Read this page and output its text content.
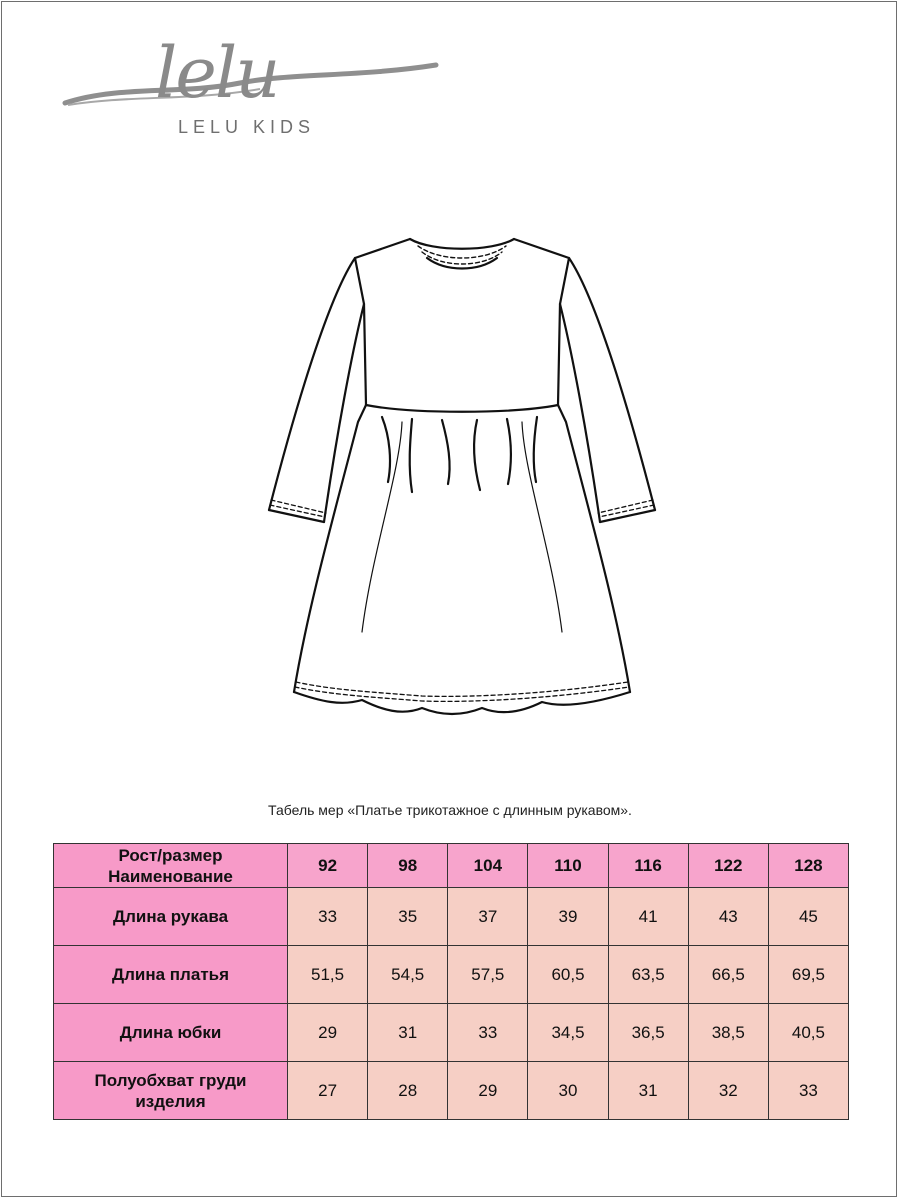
lelu
LELU KIDS
Табель мер «Платье трикотажное с длинным рукавом».
Рост/размер
Наименование	92	98	104	110	116	122	128

Длина рукава	33	35	37	39	41	43	45

Длина платья	51,5	54,5	57,5	60,5	63,5	66,5	69,5

Длина юбки	29	31	33	34,5	36,5	38,5	40,5

Полуобхват груди
изделия	27	28	29	30	31	32	33
